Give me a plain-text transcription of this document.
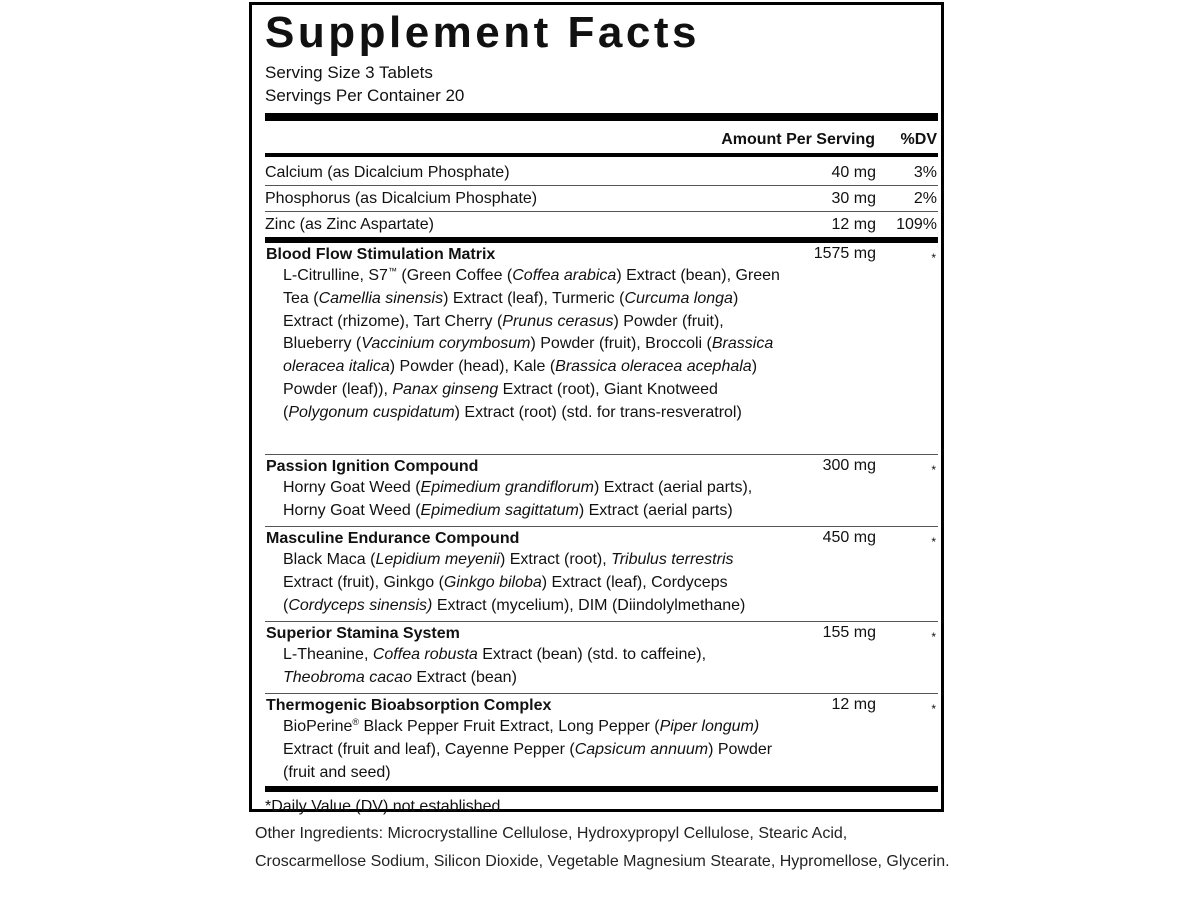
Supplement Facts
Serving Size 3 Tablets
Servings Per Container 20
Amount Per Serving %DV
Calcium (as Dicalcium Phosphate)	40 mg 3%
Phosphorus (as Dicalcium Phosphate)	30 mg 2%
Zinc (as Zinc Aspartate)	12 mg 109%
Blood Flow Stimulation Matrix	1575 mg	*
L-Citrulline, S7™ (Green Coffee (Coffea arabica) Extract (bean), Green Tea (Camellia sinensis) Extract (leaf), Turmeric (Curcuma longa) Extract (rhizome), Tart Cherry (Prunus cerasus) Powder (fruit), Blueberry (Vaccinium corymbosum) Powder (fruit), Broccoli (Brassica oleracea italica) Powder (head), Kale (Brassica oleracea acephala) Powder (leaf)), Panax ginseng Extract (root), Giant Knotweed (Polygonum cuspidatum) Extract (root) (std. for trans-resveratrol)
Passion Ignition Compound	300 mg	*
Horny Goat Weed (Epimedium grandiflorum) Extract (aerial parts), Horny Goat Weed (Epimedium sagittatum) Extract (aerial parts)
Masculine Endurance Compound	450 mg	*
Black Maca (Lepidium meyenii) Extract (root), Tribulus terrestris Extract (fruit), Ginkgo (Ginkgo biloba) Extract (leaf), Cordyceps (Cordyceps sinensis) Extract (mycelium), DIM (Diindolylmethane)
Superior Stamina System	155 mg	*
L-Theanine, Coffea robusta Extract (bean) (std. to caffeine), Theobroma cacao Extract (bean)
Thermogenic Bioabsorption Complex	12 mg	*
BioPerine® Black Pepper Fruit Extract, Long Pepper (Piper longum) Extract (fruit and leaf), Cayenne Pepper (Capsicum annuum) Powder (fruit and seed)
*Daily Value (DV) not established
Other Ingredients: Microcrystalline Cellulose, Hydroxypropyl Cellulose, Stearic Acid, Croscarmellose Sodium, Silicon Dioxide, Vegetable Magnesium Stearate, Hypromellose, Glycerin.
